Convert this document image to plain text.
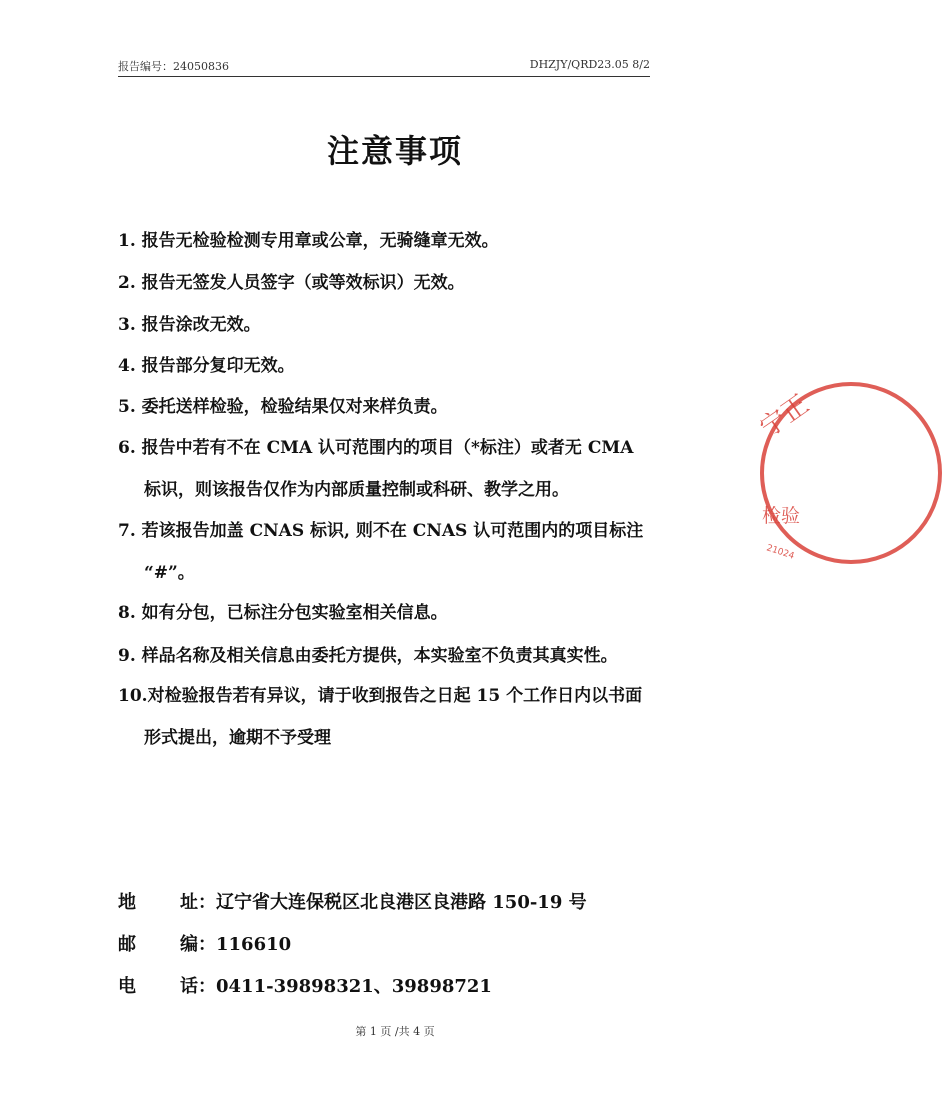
报告编号：24050836	DHZJY/QRD23.05 8/2
注意事项
1. 报告无检验检测专用章或公章，无骑缝章无效。
2. 报告无签发人员签字（或等效标识）无效。
3. 报告涂改无效。
4. 报告部分复印无效。
5. 委托送样检验，检验结果仅对来样负责。
6. 报告中若有不在 CMA 认可范围内的项目（*标注）或者无 CMA
标识，则该报告仅作为内部质量控制或科研、教学之用。
7. 若该报告加盖 CNAS 标识, 则不在 CNAS 认可范围内的项目标注
“#”。
8. 如有分包，已标注分包实验室相关信息。
9. 样品名称及相关信息由委托方提供，本实验室不负责其真实性。
10.对检验报告若有异议，请于收到报告之日起 15 个工作日内以书面
形式提出，逾期不予受理
地 址 ： 辽宁省大连保税区北良港区良港路 150-19 号
邮 编 ： 116610
电 话 ： 0411-39898321、39898721
第 1 页 /共 4 页
宁正
检验
21024
